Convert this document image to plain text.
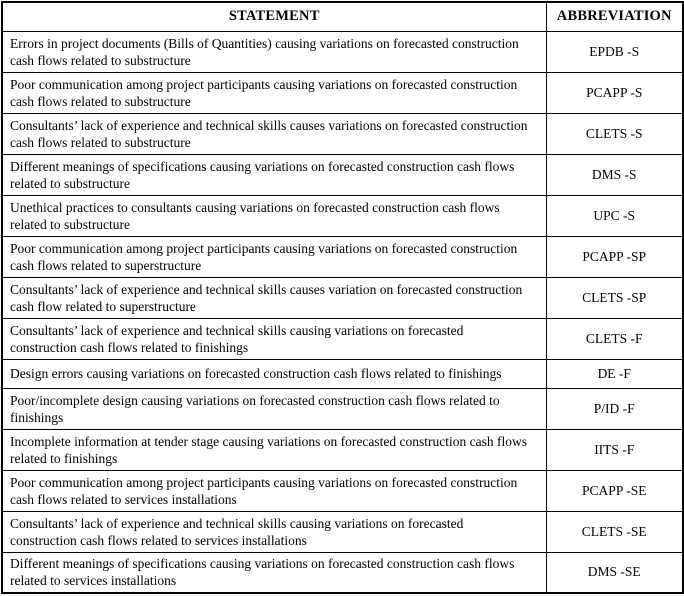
STATEMENT	ABBREVIATION
Errors in project documents (Bills of Quantities) causing variations on forecasted construction cash flows related to substructure	EPDB -S
Poor communication among project participants causing variations on forecasted construction cash flows related to substructure	PCAPP -S
Consultants’ lack of experience and technical skills causes variations on forecasted construction cash flows related to substructure	CLETS -S
Different meanings of specifications causing variations on forecasted construction cash flows related to substructure	DMS -S
Unethical practices to consultants causing variations on forecasted construction cash flows related to substructure	UPC -S
Poor communication among project participants causing variations on forecasted construction cash flows related to superstructure	PCAPP -SP
Consultants’ lack of experience and technical skills causes variation on forecasted construction cash flow related to superstructure	CLETS -SP
Consultants’ lack of experience and technical skills causing variations on forecasted construction cash flows related to finishings	CLETS -F
Design errors causing variations on forecasted construction cash flows related to finishings	DE -F
Poor/incomplete design causing variations on forecasted construction cash flows related to finishings	P/ID -F
Incomplete information at tender stage causing variations on forecasted construction cash flows related to finishings	IITS -F
Poor communication among project participants causing variations on forecasted construction cash flows related to services installations	PCAPP -SE
Consultants’ lack of experience and technical skills causing variations on forecasted construction cash flows related to services installations	CLETS -SE
Different meanings of specifications causing variations on forecasted construction cash flows related to services installations	DMS -SE
